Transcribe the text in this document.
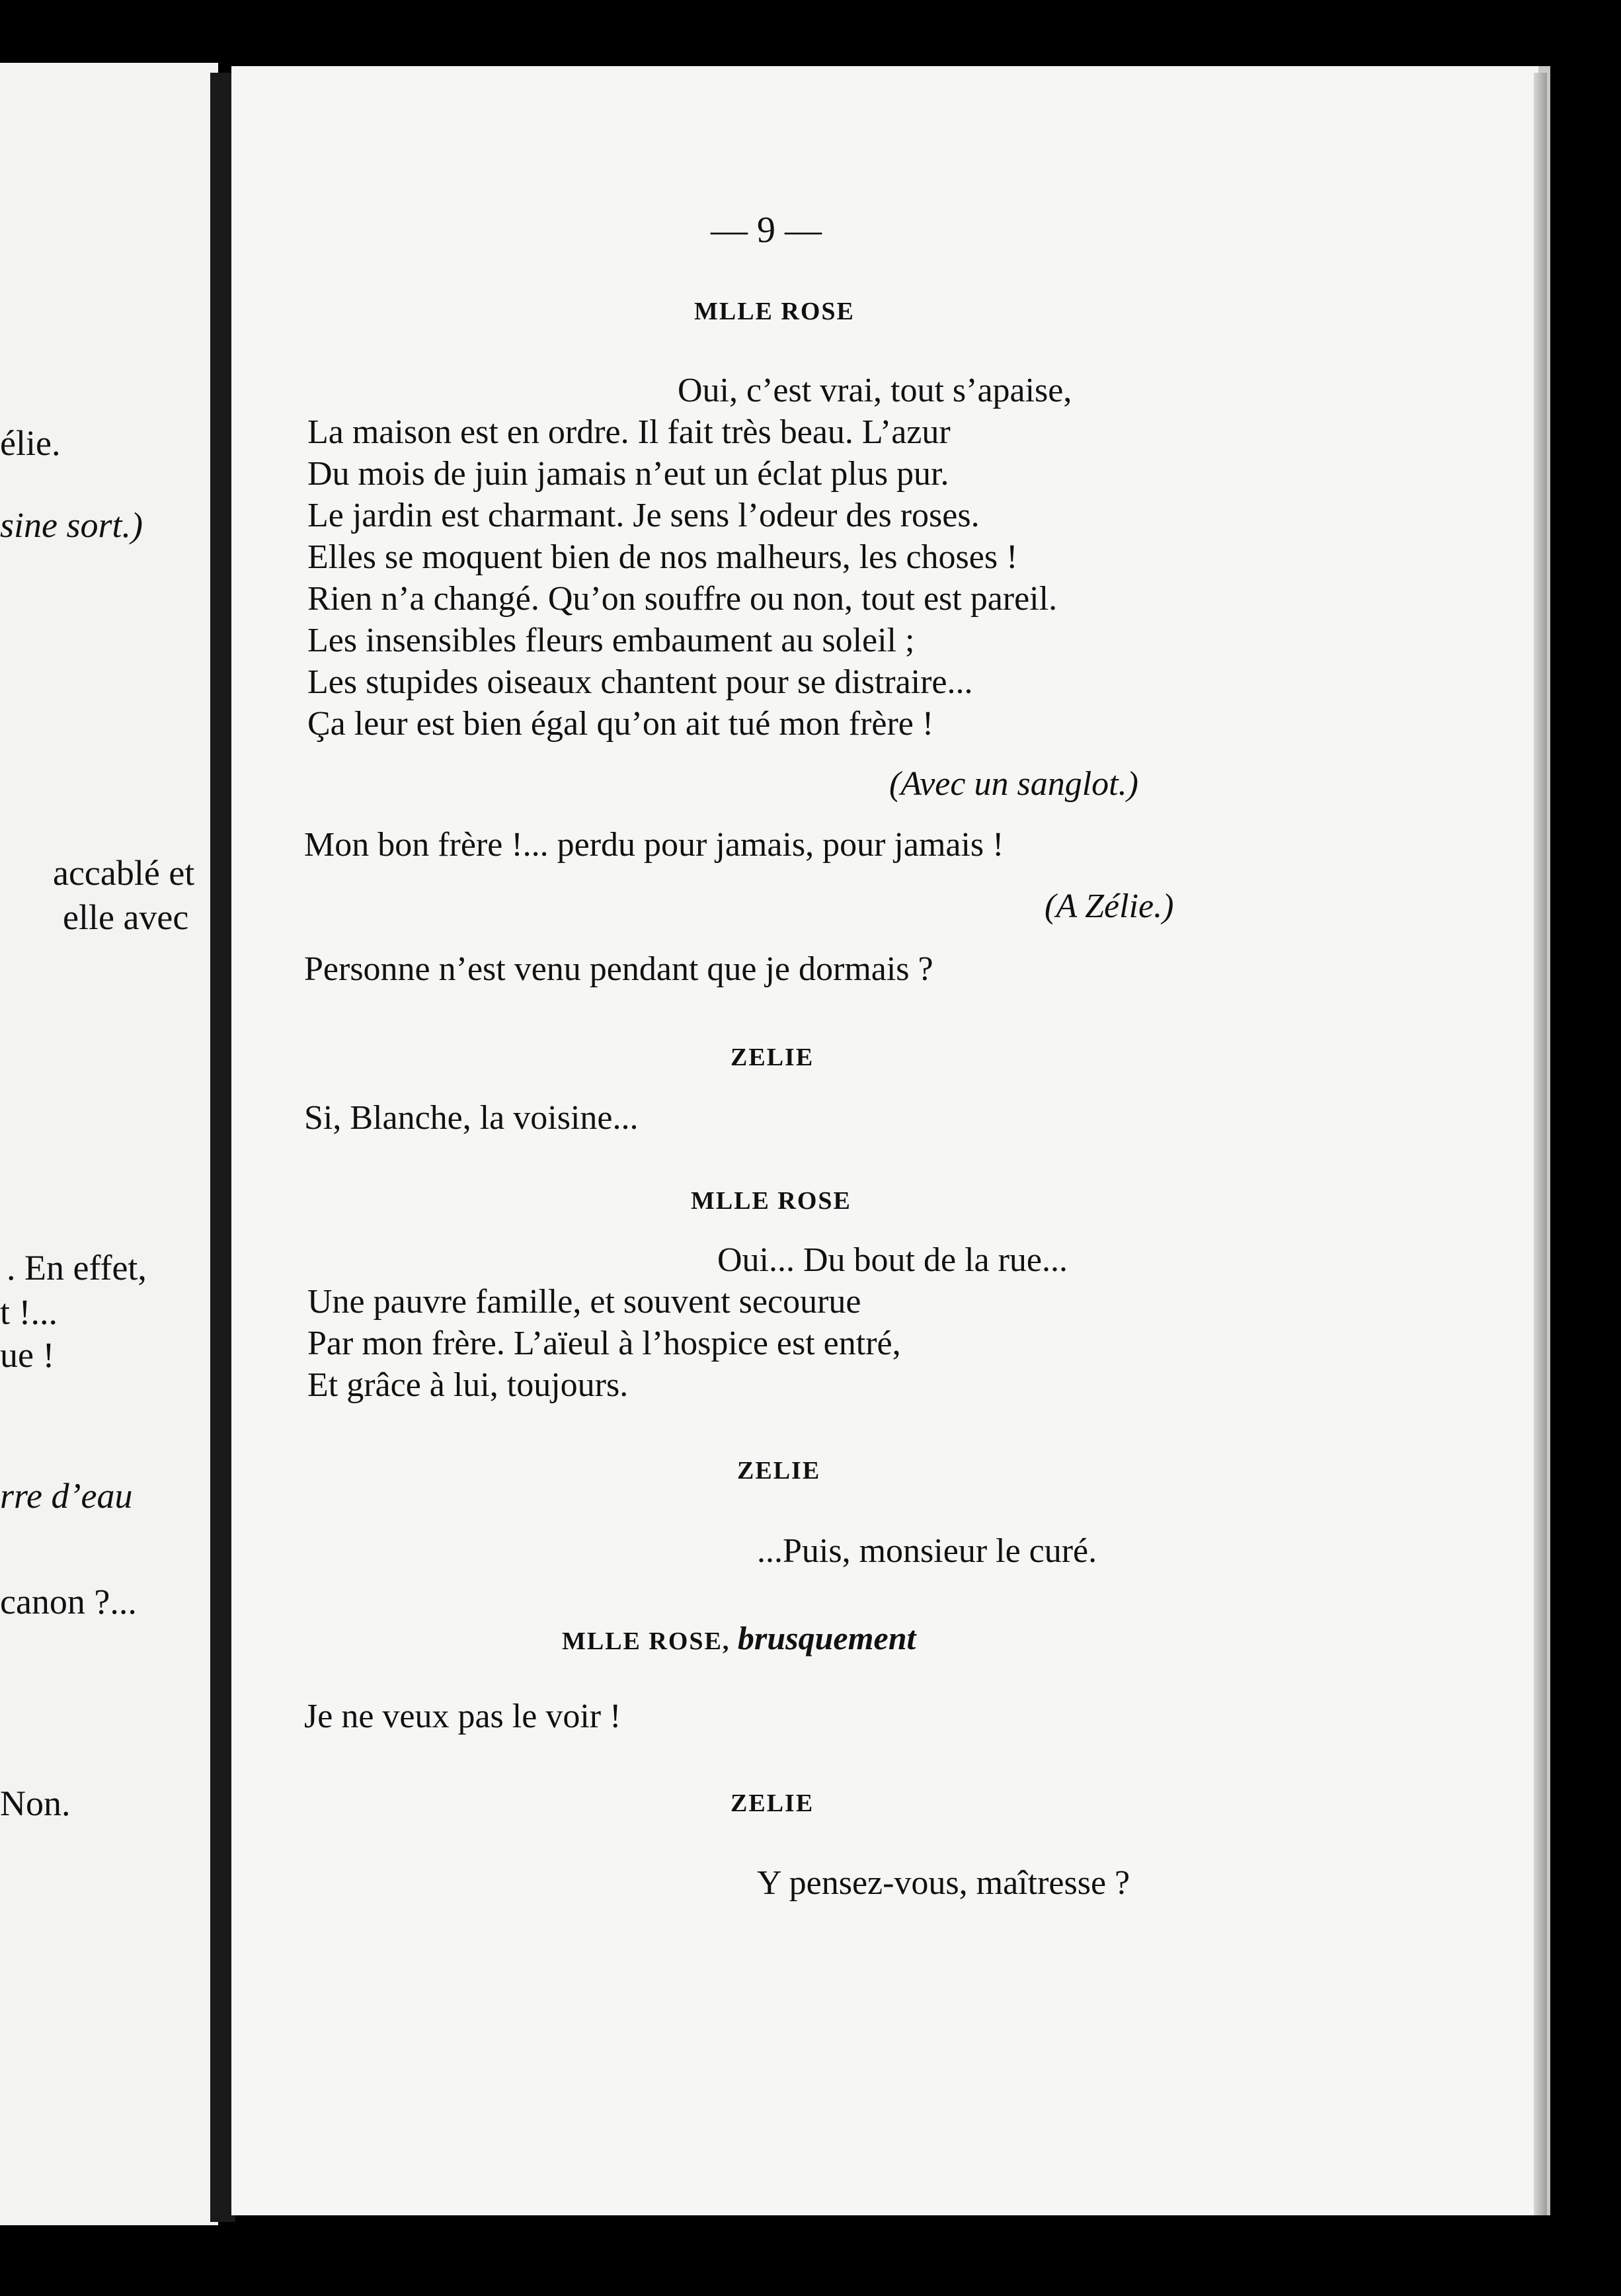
élie.
sine sort.)
accablé et
elle avec
. En effet,
t !...
ue !
rre d’eau
canon ?...
Non.
— 9 —
MLLE ROSE
Oui, c’est vrai, tout s’apaise,
La maison est en ordre. Il fait très beau. L’azur
Du mois de juin jamais n’eut un éclat plus pur.
Le jardin est charmant. Je sens l’odeur des roses.
Elles se moquent bien de nos malheurs, les choses !
Rien n’a changé. Qu’on souffre ou non, tout est pareil.
Les insensibles fleurs embaument au soleil ;
Les stupides oiseaux chantent pour se distraire...
Ça leur est bien égal qu’on ait tué mon frère !
(Avec un sanglot.)
Mon bon frère !... perdu pour jamais, pour jamais !
(A Zélie.)
Personne n’est venu pendant que je dormais ?
ZELIE
Si, Blanche, la voisine...
MLLE ROSE
Oui... Du bout de la rue...
Une pauvre famille, et souvent secourue
Par mon frère. L’aïeul à l’hospice est entré,
Et grâce à lui, toujours.
ZELIE
...Puis, monsieur le curé.
MLLE ROSE, brusquement
Je ne veux pas le voir !
ZELIE
Y pensez-vous, maîtresse ?
